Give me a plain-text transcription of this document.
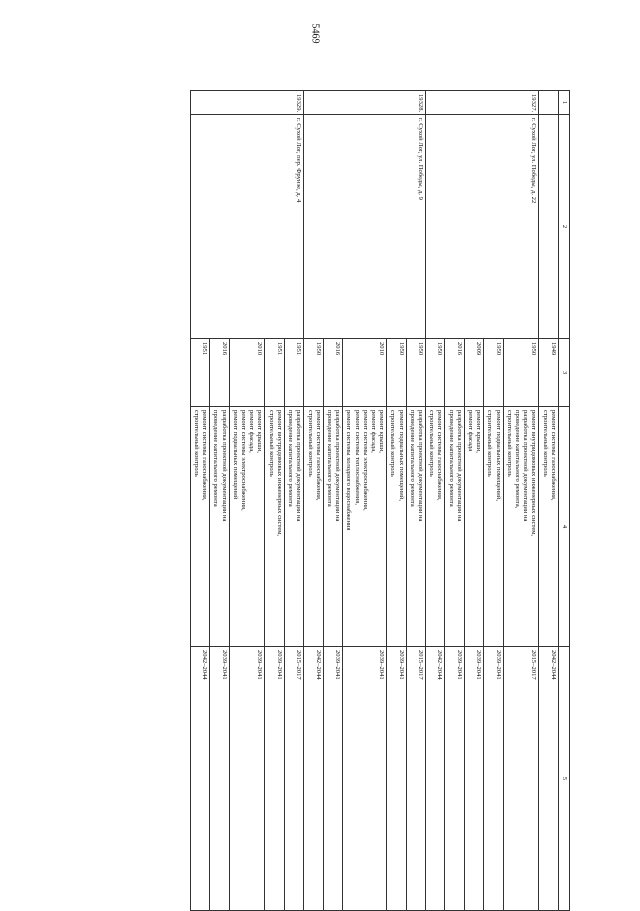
5469
1	2	3	4	5
		1949	ремонт системы газоснабжения,
строительный контроль	2042–2044
19327.	г. Сухой Лог, ул. Победы, д. 22	1950	ремонт внутридомовых инженерных систем,
разработка проектной документации на
проведение капитального ремонта,
строительный контроль	2015–2017
		1950	ремонт подвальных помещений,
строительный контроль	2039–2041
		2009	ремонт крыши,
ремонт фасада	2039–2041
		2016	разработка проектной документации на
проведение капитального ремонта	2039–2041
		1950	ремонт системы газоснабжения,
строительный контроль	2042–2044
19328.	г. Сухой Лог, ул. Победы, д. 9	1950	разработка проектной документации на
проведение капитального ремонта	2015–2017
		1950	ремонт подвальных помещений,
строительный контроль	2039–2041
		2010	ремонт крыши,
ремонт фасада,
ремонт системы электроснабжения,
ремонт системы теплоснабжения,
ремонт системы холодного водоснабжения	2039–2041
		2016	разработка проектной документации на
проведение капитального ремонта	2039–2041
		1950	ремонт системы газоснабжения,
строительный контроль	2042–2044
19329.	г. Сухой Лог, пер. Фрунзе, д. 4	1951	разработка проектной документации на
проведение капитального ремонта	2015–2017
		1951	ремонт внутридомовых инженерных систем,
строительный контроль	2039–2041
		2010	ремонт крыши,
ремонт фасада,
ремонт системы электроснабжения,
ремонт подвальных помещений	2039–2041
		2016	разработка проектной документации на
проведение капитального ремонта	2039–2041
		1951	ремонт системы газоснабжения,
строительный контроль	2042–2044
